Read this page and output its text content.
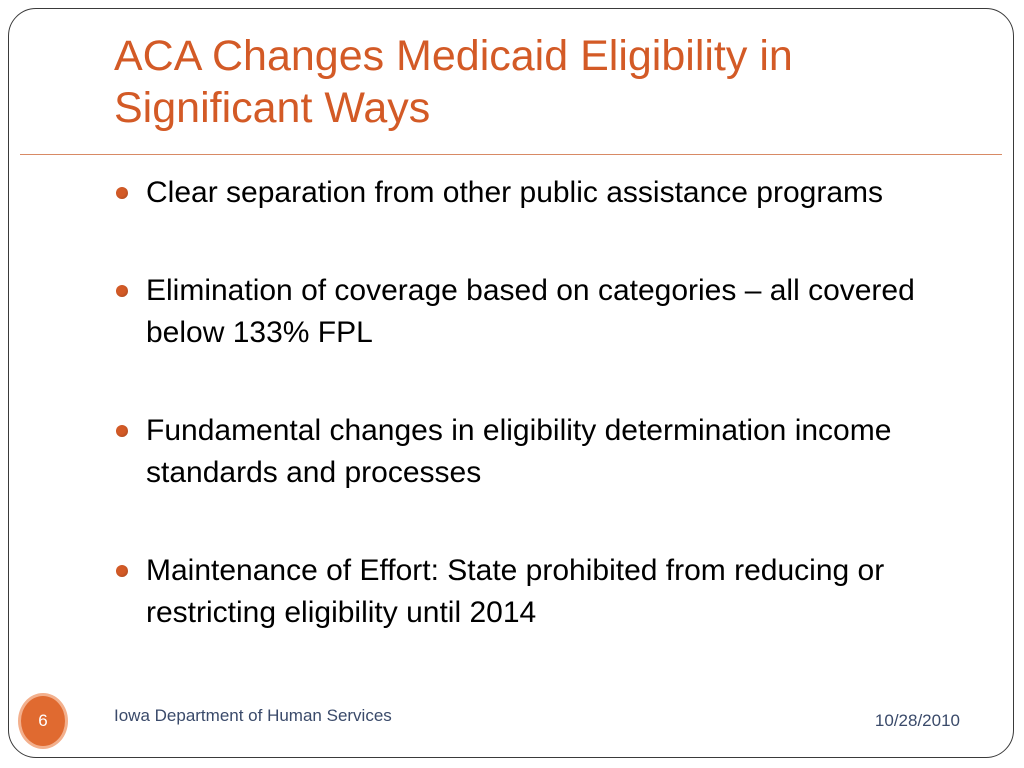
ACA Changes Medicaid Eligibility in Significant Ways
Clear separation from other public assistance programs
Elimination of coverage based on categories – all covered below 133% FPL
Fundamental changes in eligibility determination income standards and processes
Maintenance of Effort: State prohibited from reducing or restricting eligibility until 2014
6	Iowa Department of Human Services	10/28/2010
